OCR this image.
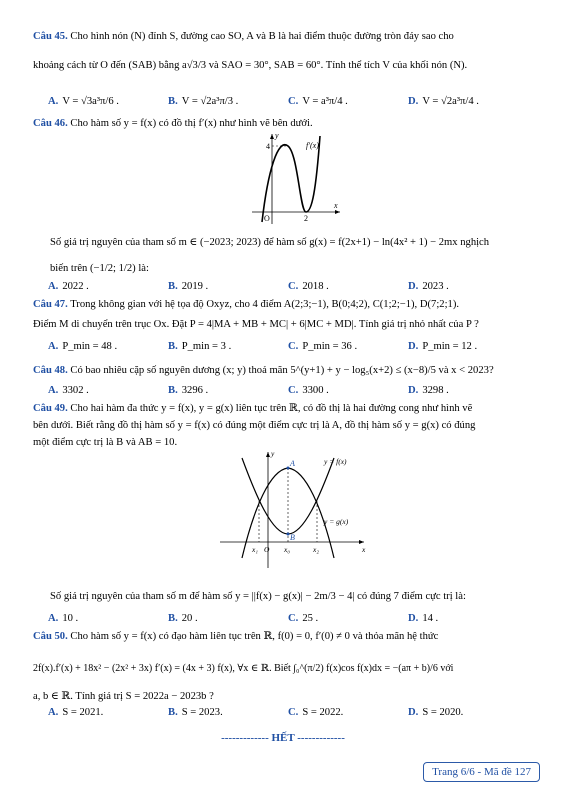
Câu 45. Cho hình nón (N) đỉnh S, đường cao SO, A và B là hai điểm thuộc đường tròn đáy sao cho
khoảng cách từ O đến (SAB) bằng a√3/3 và SAO = 30°, SAB = 60°. Tính thể tích V của khối nón (N).
A. V = √3a³π/6 .	B. V = √2a³π/3 .	C. V = a³π/4 .	D. V = √2a³π/4 .
Câu 46. Cho hàm số y = f(x) có đồ thị f′(x) như hình vẽ bên dưới.
4
O	2
x
y
f′(x)
Số giá trị nguyên của tham số m ∈ (−2023; 2023) để hàm số g(x) = f(2x+1) − ln(4x² + 1) − 2mx nghịch
biến trên (−1/2; 1/2) là:
A. 2022 .	B. 2019 .	C. 2018 .	D. 2023 .
Câu 47. Trong không gian với hệ tọa độ Oxyz, cho 4 điểm A(2;3;−1), B(0;4;2), C(1;2;−1), D(7;2;1).
Điểm M di chuyển trên trục Ox. Đặt P = 4|MA + MB + MC| + 6|MC + MD|. Tính giá trị nhỏ nhất của P ?
A. P_min = 48 .	B. P_min = 3 .	C. P_min = 36 .	D. P_min = 12 .
Câu 48. Có bao nhiêu cặp số nguyên dương (x; y) thoả mãn 5^(y+1) + y − log₅(x+2) ≤ (x−8)/5 và x < 2023?
A. 3302 .	B. 3296 .	C. 3300 .	D. 3298 .
Câu 49. Cho hai hàm đa thức y = f(x), y = g(x) liên tục trên ℝ, có đồ thị là hai đường cong như hình vẽ
bên dưới. Biết rằng đồ thị hàm số y = f(x) có đúng một điểm cực trị là A, đồ thị hàm số y = g(x) có đúng
một điểm cực trị là B và AB = 10.
A
B
y = f(x)
y = g(x)
x₁ O x₀	x₂	x
y
Số giá trị nguyên của tham số m để hàm số y = ||f(x) − g(x)| − 2m/3 − 4| có đúng 7 điểm cực trị là:
A. 10 .	B. 20 .	C. 25 .	D. 14 .
Câu 50. Cho hàm số y = f(x) có đạo hàm liên tục trên ℝ, f(0) = 0, f′(0) ≠ 0 và thỏa mãn hệ thức
2f(x).f′(x) + 18x² − (2x² + 3x) f′(x) = (4x + 3) f(x), ∀x ∈ ℝ. Biết ∫₀^(π/2) f(x)cos f(x)dx = −(aπ + b)/6 với
a, b ∈ ℝ. Tính giá trị S = 2022a − 2023b ?
A. S = 2021.	B. S = 2023.	C. S = 2022.	D. S = 2020.
------------- HẾT -------------
Trang 6/6 - Mã đề 127
